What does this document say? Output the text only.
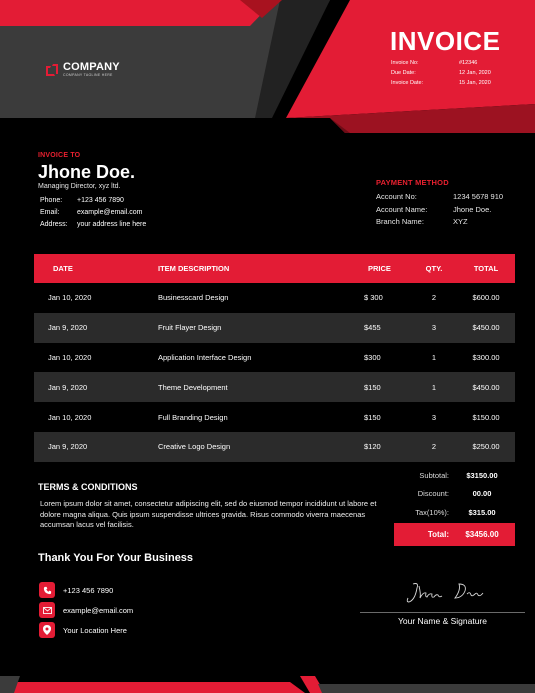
COMPANY
COMPANY TAGLINE HERE
INVOICE
Invoice No:	#12346
Due Date:	12 Jan, 2020
Invoice Date:	15 Jan, 2020
INVOICE TO
Jhone Doe.
Managing Director, xyz ltd.
Phone:	+123 456 7890
Email:	example@email.com
Address:	your address line here
PAYMENT METHOD
Account No:	1234 5678 910
Account Name:	Jhone Doe.
Branch Name:	XYZ
DATE	ITEM DESCRIPTION	PRICE	QTY.	TOTAL
Jan 10, 2020	Businesscard Design	$ 300	2	$600.00
Jan 9, 2020	Fruit Flayer Design	$455	3	$450.00
Jan 10, 2020	Application Interface Design	$300	1	$300.00
Jan 9, 2020	Theme Development	$150	1	$450.00
Jan 10, 2020	Full Branding Design	$150	3	$150.00
Jan 9, 2020	Creative Logo Design	$120	2	$250.00
Subtotal:	$3150.00
Discount:	00.00
Tax(10%):	$315.00
Total:	$3456.00
TERMS & CONDITIONS
Lorem ipsum dolor sit amet, consectetur adipiscing elit, sed do eiusmod tempor incididunt ut labore et dolore magna aliqua. Quis ipsum suspendisse ultrices gravida. Risus commodo viverra maecenas accumsan lacus vel facilisis.
Thank You For Your Business
+123 456 7890
example@email.com
Your Location Here
Your Name & Signature
